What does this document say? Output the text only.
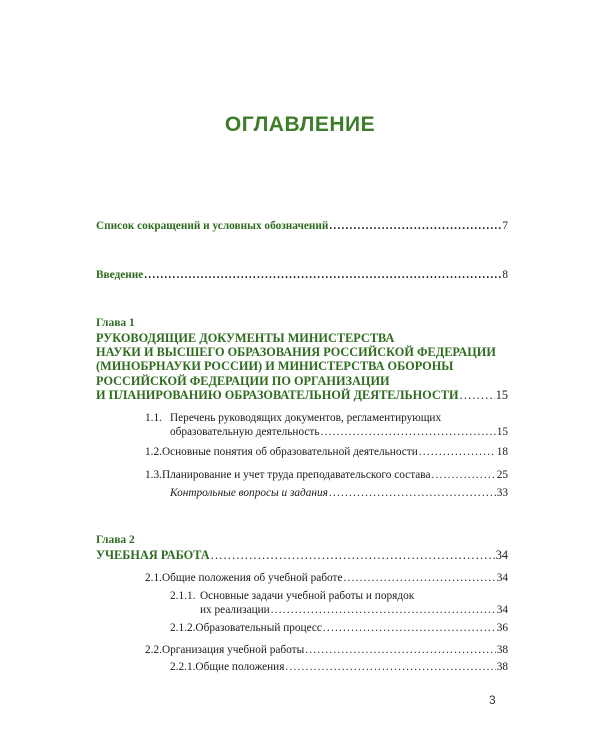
ОГЛАВЛЕНИЕ
Список сокращений и условных обозначений .....	7
Введение .....	8
Глава 1
РУКОВОДЯЩИЕ ДОКУМЕНТЫ МИНИСТЕРСТВА
НАУКИ И ВЫСШЕГО ОБРАЗОВАНИЯ РОССИЙСКОЙ ФЕДЕРАЦИИ
(МИНОБРНАУКИ РОССИИ) И МИНИСТЕРСТВА ОБОРОНЫ
РОССИЙСКОЙ ФЕДЕРАЦИИ ПО ОРГАНИЗАЦИИ
И ПЛАНИРОВАНИЮ ОБРАЗОВАТЕЛЬНОЙ ДЕЯТЕЛЬНОСТИ .....	15
1.1. Перечень руководящих документов, регламентирующих
образовательную деятельность .....	15
1.2. Основные понятия об образовательной деятельности .....	18
1.3. Планирование и учет труда преподавательского состава .....	25
Контрольные вопросы и задания .....	33
Глава 2
УЧЕБНАЯ РАБОТА .....	34
2.1. Общие положения об учебной работе .....	34
2.1.1. Основные задачи учебной работы и порядок
их реализации .....	34
2.1.2. Образовательный процесс .....	36
2.2. Организация учебной работы .....	38
2.2.1. Общие положения .....	38
3
